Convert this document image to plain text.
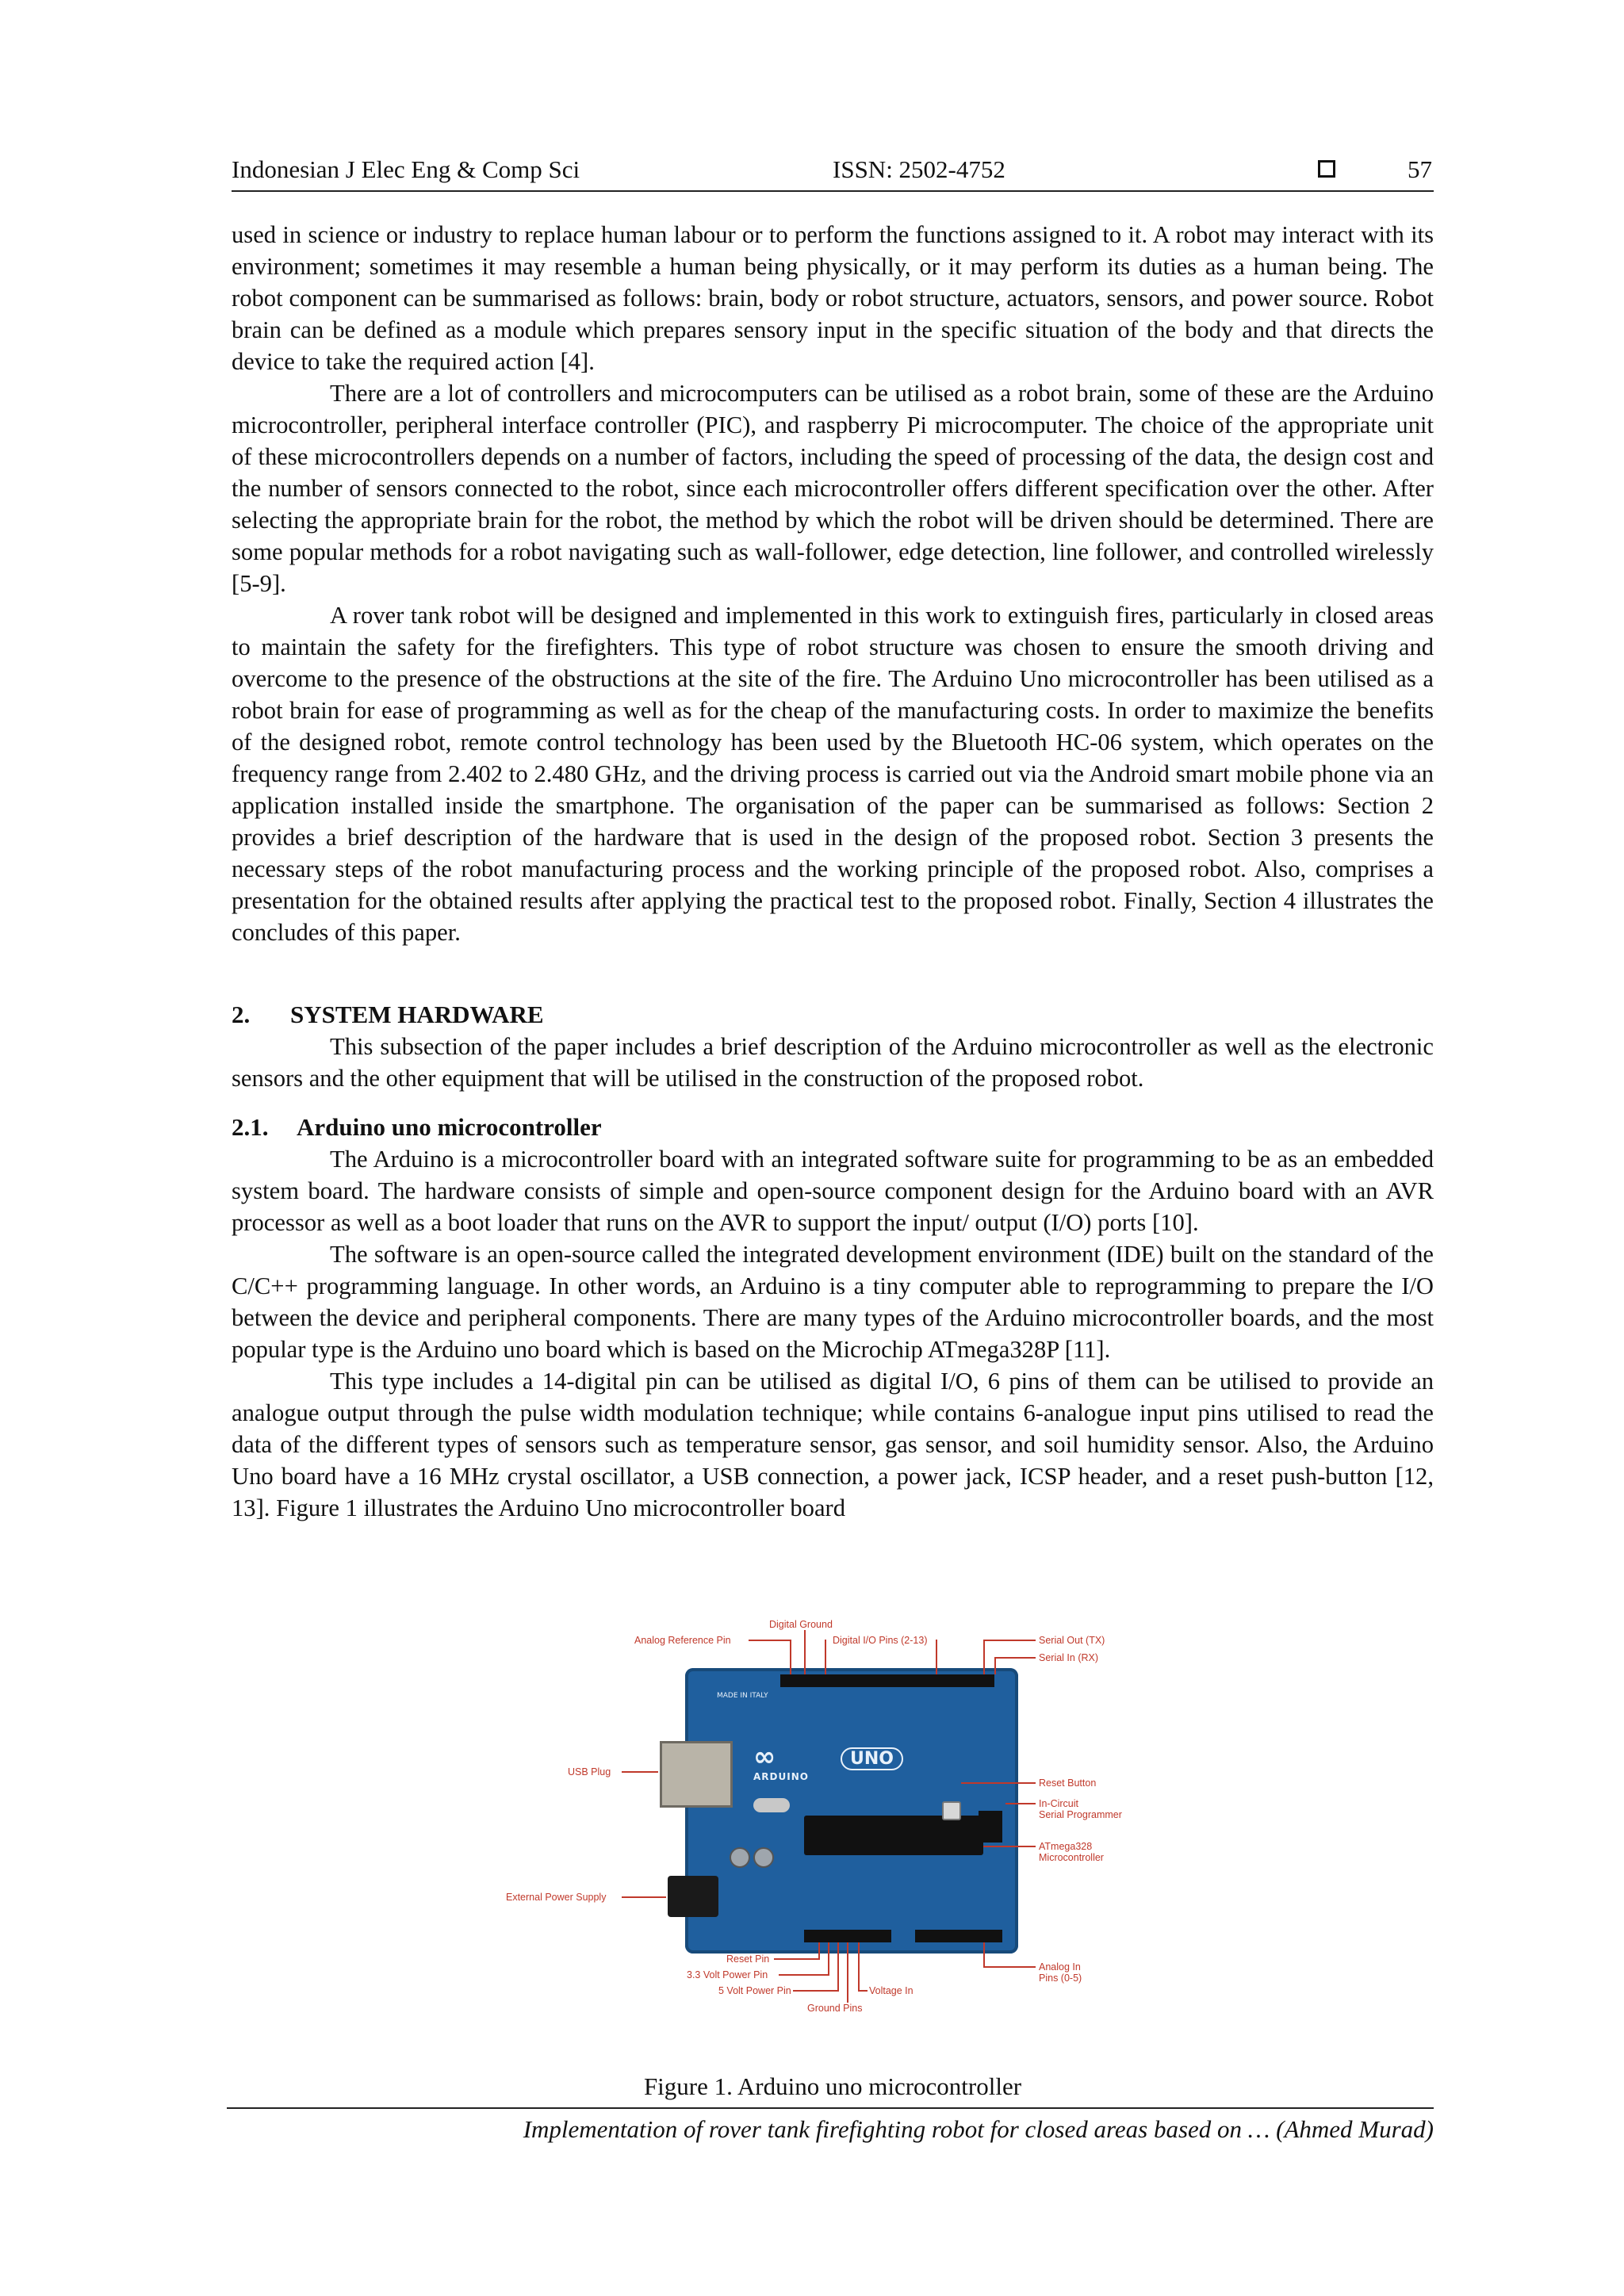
Indonesian J Elec Eng & Comp Sci	ISSN: 2502-4752	57

used in science or industry to replace human labour or to perform the functions assigned to it. A robot may interact with its environment; sometimes it may resemble a human being physically, or it may perform its duties as a human being. The robot component can be summarised as follows: brain, body or robot structure, actuators, sensors, and power source. Robot brain can be defined as a module which prepares sensory input in the specific situation of the body and that directs the device to take the required action [4].

There are a lot of controllers and microcomputers can be utilised as a robot brain, some of these are the Arduino microcontroller, peripheral interface controller (PIC), and raspberry Pi microcomputer. The choice of the appropriate unit of these microcontrollers depends on a number of factors, including the speed of processing of the data, the design cost and the number of sensors connected to the robot, since each microcontroller offers different specification over the other. After selecting the appropriate brain for the robot, the method by which the robot will be driven should be determined. There are some popular methods for a robot navigating such as wall-follower, edge detection, line follower, and controlled wirelessly [5-9].

A rover tank robot will be designed and implemented in this work to extinguish fires, particularly in closed areas to maintain the safety for the firefighters. This type of robot structure was chosen to ensure the smooth driving and overcome to the presence of the obstructions at the site of the fire. The Arduino Uno microcontroller has been utilised as a robot brain for ease of programming as well as for the cheap of the manufacturing costs. In order to maximize the benefits of the designed robot, remote control technology has been used by the Bluetooth HC-06 system, which operates on the frequency range from 2.402 to 2.480 GHz, and the driving process is carried out via the Android smart mobile phone via an application installed inside the smartphone. The organisation of the paper can be summarised as follows: Section 2 provides a brief description of the hardware that is used in the design of the proposed robot. Section 3 presents the necessary steps of the robot manufacturing process and the working principle of the proposed robot. Also, comprises a presentation for the obtained results after applying the practical test to the proposed robot. Finally, Section 4 illustrates the concludes of this paper.

2. SYSTEM HARDWARE

This subsection of the paper includes a brief description of the Arduino microcontroller as well as the electronic sensors and the other equipment that will be utilised in the construction of the proposed robot.

2.1. Arduino uno microcontroller

The Arduino is a microcontroller board with an integrated software suite for programming to be as an embedded system board. The hardware consists of simple and open-source component design for the Arduino board with an AVR processor as well as a boot loader that runs on the AVR to support the input/ output (I/O) ports [10].

The software is an open-source called the integrated development environment (IDE) built on the standard of the C/C++ programming language. In other words, an Arduino is a tiny computer able to reprogramming to prepare the I/O between the device and peripheral components. There are many types of the Arduino microcontroller boards, and the most popular type is the Arduino uno board which is based on the Microchip ATmega328P [11].

This type includes a 14-digital pin can be utilised as digital I/O, 6 pins of them can be utilised to provide an analogue output through the pulse width modulation technique; while contains 6-analogue input pins utilised to read the data of the different types of sensors such as temperature sensor, gas sensor, and soil humidity sensor. Also, the Arduino Uno board have a 16 MHz crystal oscillator, a USB connection, a power jack, ICSP header, and a reset push-button [12, 13]. Figure 1 illustrates the Arduino Uno microcontroller board

MADE IN ITALY
∞	UNO
ARDUINO
Digital Ground
Analog Reference Pin	Digital I/O Pins (2-13)	Serial Out (TX)
Serial In (RX)
USB Plug
Reset Button
In-Circuit
Serial Programmer
ATmega328
Microcontroller
External Power Supply
Reset Pin
3.3 Volt Power Pin
5 Volt Power Pin	Voltage In
Ground Pins
Analog In
Pins (0-5)
Figure 1. Arduino uno microcontroller
Implementation of rover tank firefighting robot for closed areas based on … (Ahmed Murad)
